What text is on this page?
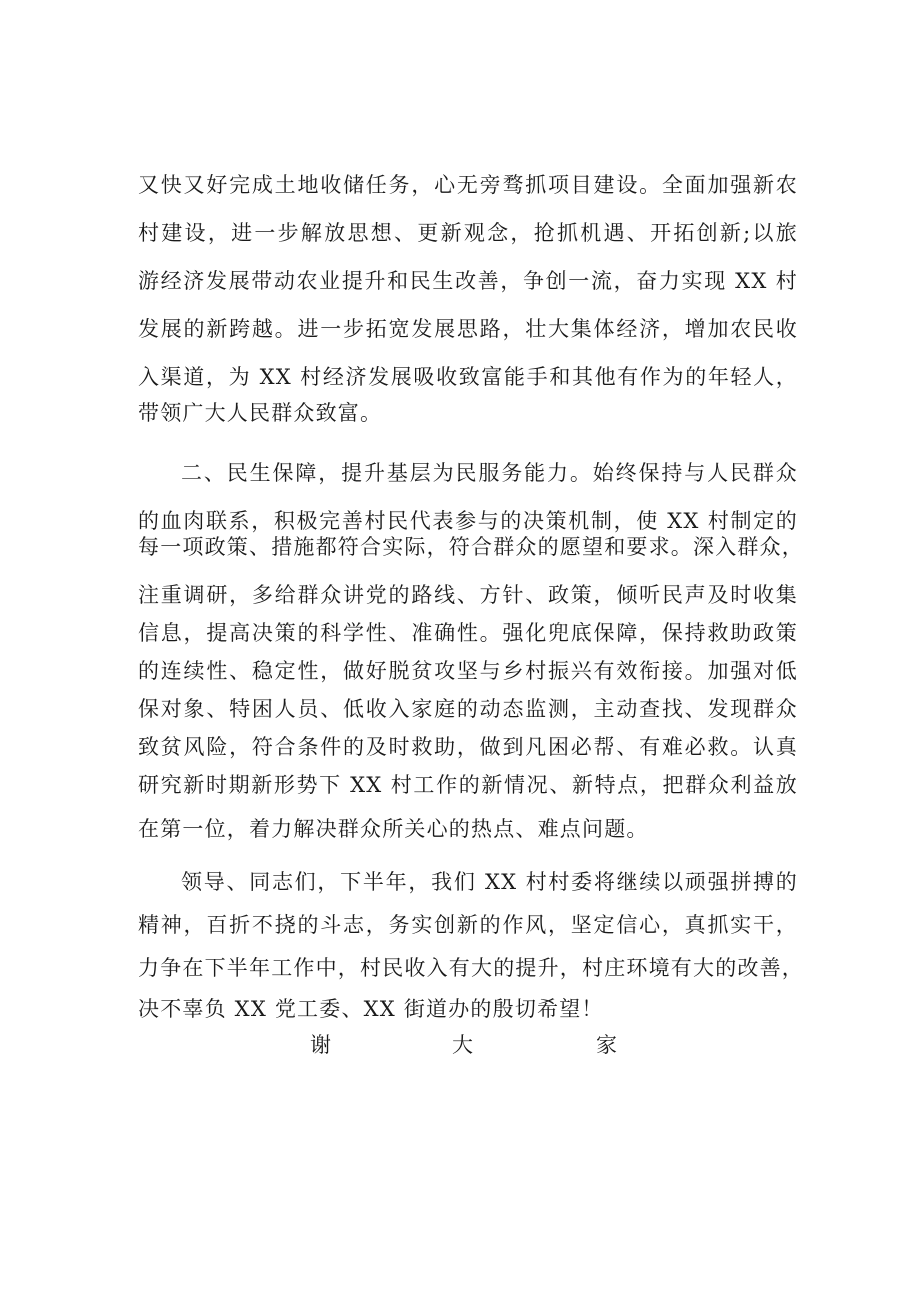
又快又好完成土地收储任务，心无旁骛抓项目建设。全面加强新农

村建设，进一步解放思想、更新观念，抢抓机遇、开拓创新;以旅

游经济发展带动农业提升和民生改善，争创一流，奋力实现 XX 村

发展的新跨越。进一步拓宽发展思路，壮大集体经济，增加农民收

入渠道，为 XX 村经济发展吸收致富能手和其他有作为的年轻人，

带领广大人民群众致富。

二、民生保障，提升基层为民服务能力。始终保持与人民群众

的血肉联系，积极完善村民代表参与的决策机制，使 XX 村制定的

每一项政策、措施都符合实际，符合群众的愿望和要求。深入群众，

注重调研，多给群众讲党的路线、方针、政策，倾听民声及时收集

信息，提高决策的科学性、准确性。强化兜底保障，保持救助政策

的连续性、稳定性，做好脱贫攻坚与乡村振兴有效衔接。加强对低

保对象、特困人员、低收入家庭的动态监测，主动查找、发现群众

致贫风险，符合条件的及时救助，做到凡困必帮、有难必救。认真

研究新时期新形势下 XX 村工作的新情况、新特点，把群众利益放

在第一位，着力解决群众所关心的热点、难点问题。

领导、同志们，下半年，我们 XX 村村委将继续以顽强拼搏的

精神，百折不挠的斗志，务实创新的作风，坚定信心，真抓实干，

力争在下半年工作中，村民收入有大的提升，村庄环境有大的改善，

决不辜负 XX 党工委、XX 街道办的殷切希望！

谢	大	家
